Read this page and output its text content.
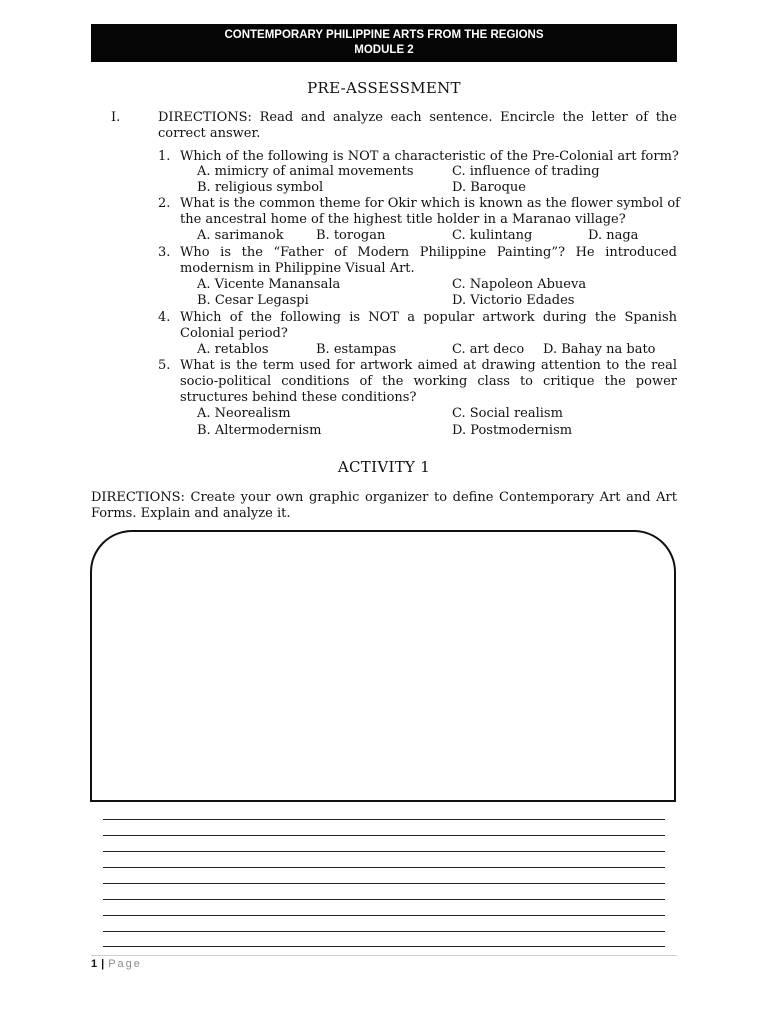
CONTEMPORARY PHILIPPINE ARTS FROM THE REGIONS
MODULE 2
PRE-ASSESSMENT
I.	DIRECTIONS: Read and analyze each sentence. Encircle the letter of the
correct answer.
1. Which of the following is NOT a characteristic of the Pre-Colonial art form?
A. mimicry of animal movements	C. influence of trading
B. religious symbol	D. Baroque
2. What is the common theme for Okir which is known as the flower symbol of
the ancestral home of the highest title holder in a Maranao village?
A. sarimanok B. torogan	C. kulintang	D. naga
3. Who is the “Father of Modern Philippine Painting”? He introduced
modernism in Philippine Visual Art.
A. Vicente Manansala	C. Napoleon Abueva
B. Cesar Legaspi	D. Victorio Edades
4. Which of the following is NOT a popular artwork during the Spanish
Colonial period?
A. retablos	B. estampas	C. art deco D. Bahay na bato
5. What is the term used for artwork aimed at drawing attention to the real
socio-political conditions of the working class to critique the power
structures behind these conditions?
A. Neorealism	C. Social realism
B. Altermodernism	D. Postmodernism
ACTIVITY 1
DIRECTIONS: Create your own graphic organizer to define Contemporary Art and Art
Forms. Explain and analyze it.
1 | Page
